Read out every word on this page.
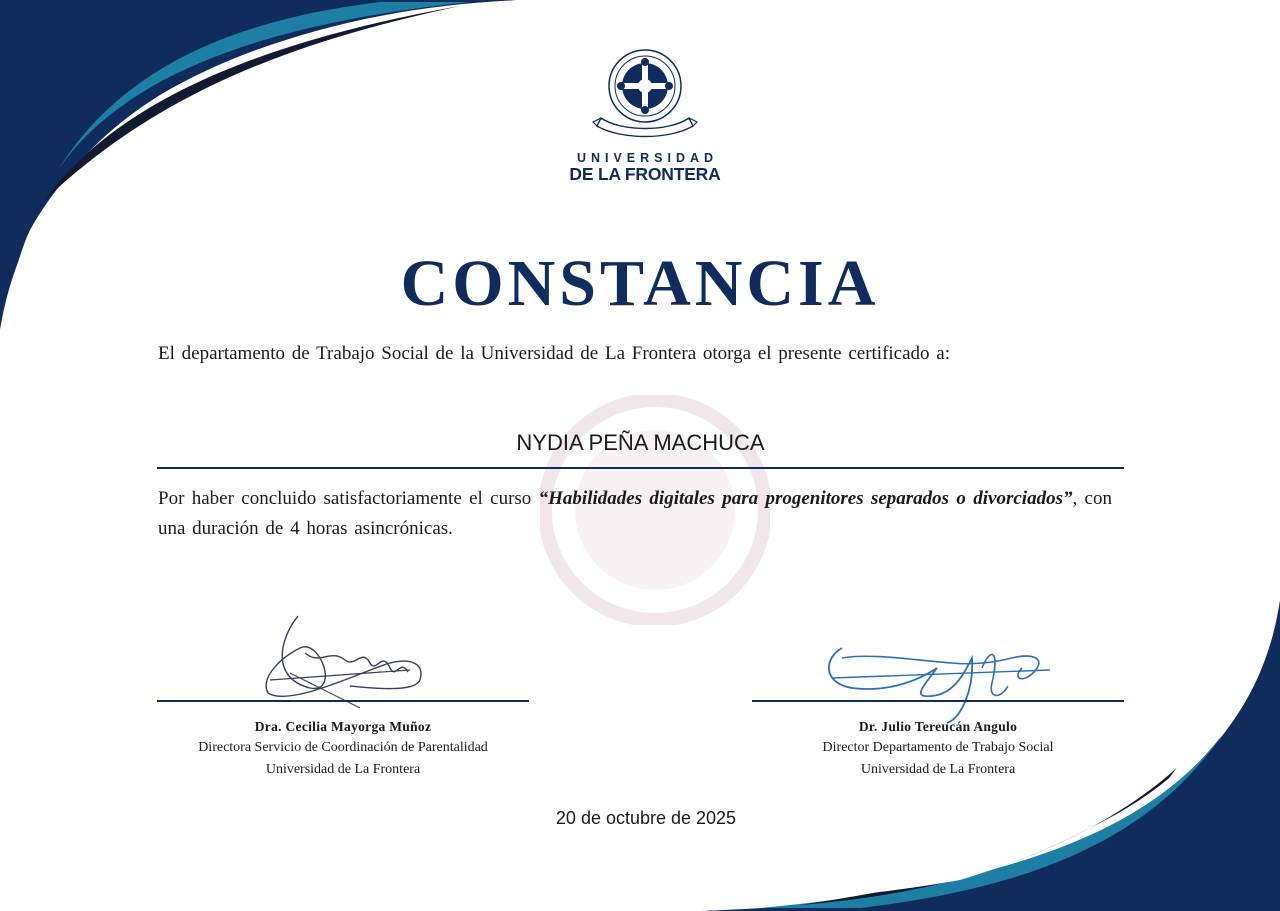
UNIVERSIDAD
DE LA FRONTERA
CONSTANCIA
El departamento de Trabajo Social de la Universidad de La Frontera otorga el presente certificado a:
NYDIA PEÑA MACHUCA
Por haber concluido satisfactoriamente el curso “Habilidades digitales para progenitores separados o divorciados”, con una duración de 4 horas asincrónicas.
Dra. Cecilia Mayorga Muñoz
Directora Servicio de Coordinación de Parentalidad
Universidad de La Frontera
Dr. Julio Tereucán Angulo
Director Departamento de Trabajo Social
Universidad de La Frontera
20 de octubre de 2025
